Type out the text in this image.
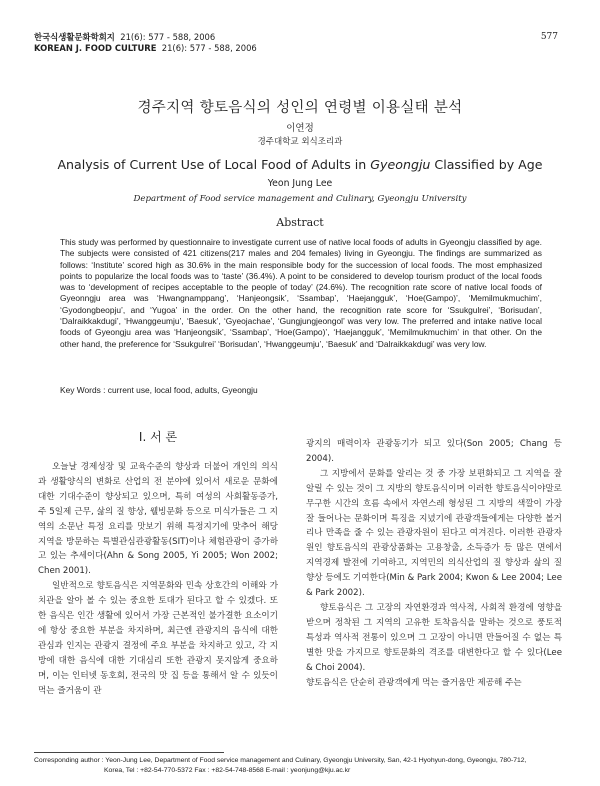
한국식생활문화학회지 21(6): 577 - 588, 2006
KOREAN J. FOOD CULTURE 21(6): 577 - 588, 2006
577
경주지역 향토음식의 성인의 연령별 이용실태 분석
이연정
경주대학교 외식조리과
Analysis of Current Use of Local Food of Adults in Gyeongju Classified by Age
Yeon Jung Lee
Department of Food service management and Culinary, Gyeongju University
Abstract
This study was performed by questionnaire to investigate current use of native local foods of adults in Gyeongju classified by age. The subjects were consisted of 421 citizens(217 males and 204 females) living in Gyeongju. The findings are summarized as follows: ‘Institute’ scored high as 30.6% in the main responsible body for the succession of local foods. The most emphasized points to popularize the local foods was to ‘taste’ (36.4%). A point to be considered to develop tourism product of the local foods was to ‘development of recipes acceptable to the people of today’ (24.6%). The recognition rate score of native local foods of Gyeonngju area was ‘Hwangnamppang’, ‘Hanjeongsik’, ‘Ssambap’, ‘Haejangguk’, ‘Hoe(Gampo)’, ‘Memilmukmuchim’, ‘Gyodongbeopju’, and ‘Yugoa’ in the order. On the other hand, the recognition rate score for ‘Ssukgulrei’, ‘Borisudan’, ‘Dalraikkakdugi’, ‘Hwanggeumju’, ‘Baesuk’, ‘Gyeojachae’, ‘Gungjungjeongol’ was very low. The preferred and intake native local foods of Gyeongju area was ‘Hanjeongsik’, ‘Ssambap’, ‘Hoe(Gampo)’, ‘Haejangguk’, ‘Memilmukmuchim’ in that other. On the other hand, the preference for ‘Ssukgulrei’ ‘Borisudan’, ‘Hwanggeumju’, ‘Baesuk’ and ‘Dalraikkakdugi’ was very low.
Key Words : current use, local food, adults, Gyeongju
Ⅰ. 서 론

오늘날 경제성장 및 교육수준의 향상과 더불어 개인의 의식과 생활양식의 변화로 산업의 전 분야에 있어서 새로운 문화에 대한 기대수준이 향상되고 있으며, 특히 여성의 사회활동증가, 주 5일제 근무, 삶의 질 향상, 웰빙문화 등으로 미식가들은 그 지역의 소문난 특정 요리를 맛보기 위해 특정지기에 맞추어 해당 지역을 방문하는 특별관심관광활동(SIT)이나 체험관광이 증가하고 있는 추세이다(Ahn & Song 2005, Yi 2005; Won 2002; Chen 2001).

일반적으로 향토음식은 지역문화와 민속 상호간의 이해와 가치관을 알아 볼 수 있는 중요한 토대가 된다고 할 수 있겠다. 또한 음식은 인간 생활에 있어서 가장 근본적인 불가결한 요소이기에 항상 중요한 부분을 차지하며, 최근엔 관광지의 음식에 대한 관심과 인지는 관광지 결정에 주요 부분을 차지하고 있고, 각 지방에 대한 음식에 대한 기대심리 또한 관광지 못지않게 중요하며, 이는 인터넷 동호회, 전국의 맛 집 등을 통해서 알 수 있듯이 먹는 즐거움이 관

광지의 매력이자 관광동기가 되고 있다(Son 2005; Chang 등 2004).

그 지방에서 문화를 알리는 것 중 가장 보편화되고 그 지역을 잘 알릴 수 있는 것이 그 지방의 향토음식이며 이러한 향토음식이야말로 무구한 시간의 흐름 속에서 자연스레 형성된 그 지방의 색깔이 가장 잘 들어나는 문화이며 특징을 지녔기에 관광객들에게는 다양한 볼거리나 만족을 줄 수 있는 관광자원이 된다고 여겨진다. 이러한 관광자원인 향토음식의 관광상품화는 고용창출, 소득증가 등 많은 면에서 지역경제 발전에 기여하고, 지역민의 의식산업의 질 향상과 삶의 질 향상 등에도 기여한다(Min & Park 2004; Kwon & Lee 2004; Lee & Park 2002).

향토음식은 그 고장의 자연환경과 역사적, 사회적 환경에 영향을 받으며 정착된 그 지역의 고유한 토착음식을 말하는 것으로 풍토적 특성과 역사적 전통이 있으며 그 고장이 아니면 만들어질 수 없는 특별한 맛을 가지므로 향토문화의 격조를 대변한다고 할 수 있다(Lee & Choi 2004).

향토음식은 단순히 관광객에게 먹는 즐거움만 제공해 주는

Corresponding author : Yeon-Jung Lee, Department of Food service management and Culinary, Gyeongju University, San, 42-1 Hyohyun-dong, Gyeongju, 780-712,
Korea, Tel : +82-54-770-5372 Fax : +82-54-748-8568 E-mail : yeonjung@kju.ac.kr
